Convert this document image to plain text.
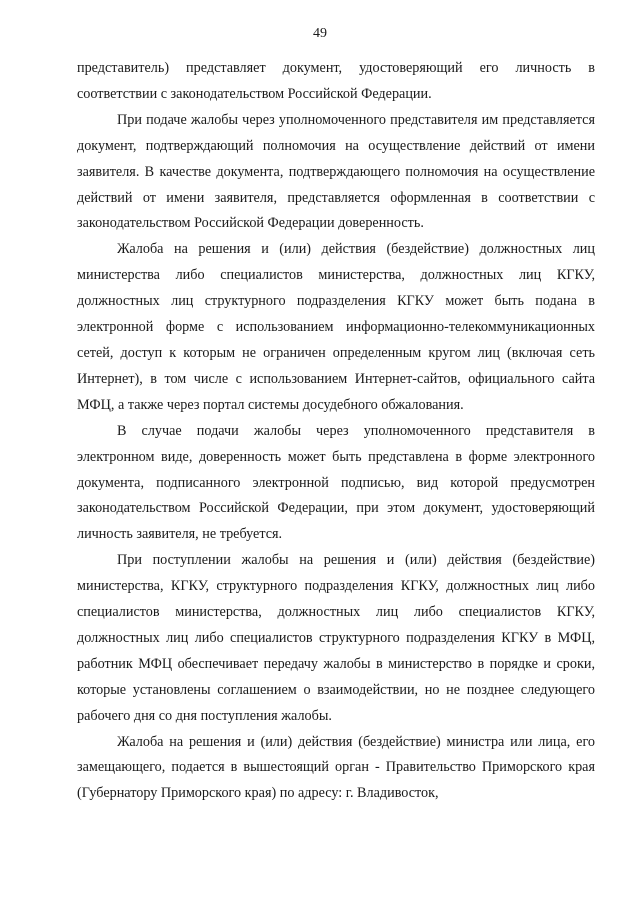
49

представитель) представляет документ, удостоверяющий его личность в соответствии с законодательством Российской Федерации.

При подаче жалобы через уполномоченного представителя им представляется документ, подтверждающий полномочия на осуществление действий от имени заявителя. В качестве документа, подтверждающего полномочия на осуществление действий от имени заявителя, представляется оформленная в соответствии с законодательством Российской Федерации доверенность.

Жалоба на решения и (или) действия (бездействие) должностных лиц министерства либо специалистов министерства, должностных лиц КГКУ, должностных лиц структурного подразделения КГКУ может быть подана в электронной форме с использованием информационно-телекоммуникационных сетей, доступ к которым не ограничен определенным кругом лиц (включая сеть Интернет), в том числе с использованием Интернет-сайтов, официального сайта МФЦ, а также через портал системы досудебного обжалования.

В случае подачи жалобы через уполномоченного представителя в электронном виде, доверенность может быть представлена в форме электронного документа, подписанного электронной подписью, вид которой предусмотрен законодательством Российской Федерации, при этом документ, удостоверяющий личность заявителя, не требуется.

При поступлении жалобы на решения и (или) действия (бездействие) министерства, КГКУ, структурного подразделения КГКУ, должностных лиц либо специалистов министерства, должностных лиц либо специалистов КГКУ, должностных лиц либо специалистов структурного подразделения КГКУ в МФЦ, работник МФЦ обеспечивает передачу жалобы в министерство в порядке и сроки, которые установлены соглашением о взаимодействии, но не позднее следующего рабочего дня со дня поступления жалобы.

Жалоба на решения и (или) действия (бездействие) министра или лица, его замещающего, подается в вышестоящий орган - Правительство Приморского края (Губернатору Приморского края) по адресу: г. Владивосток,
